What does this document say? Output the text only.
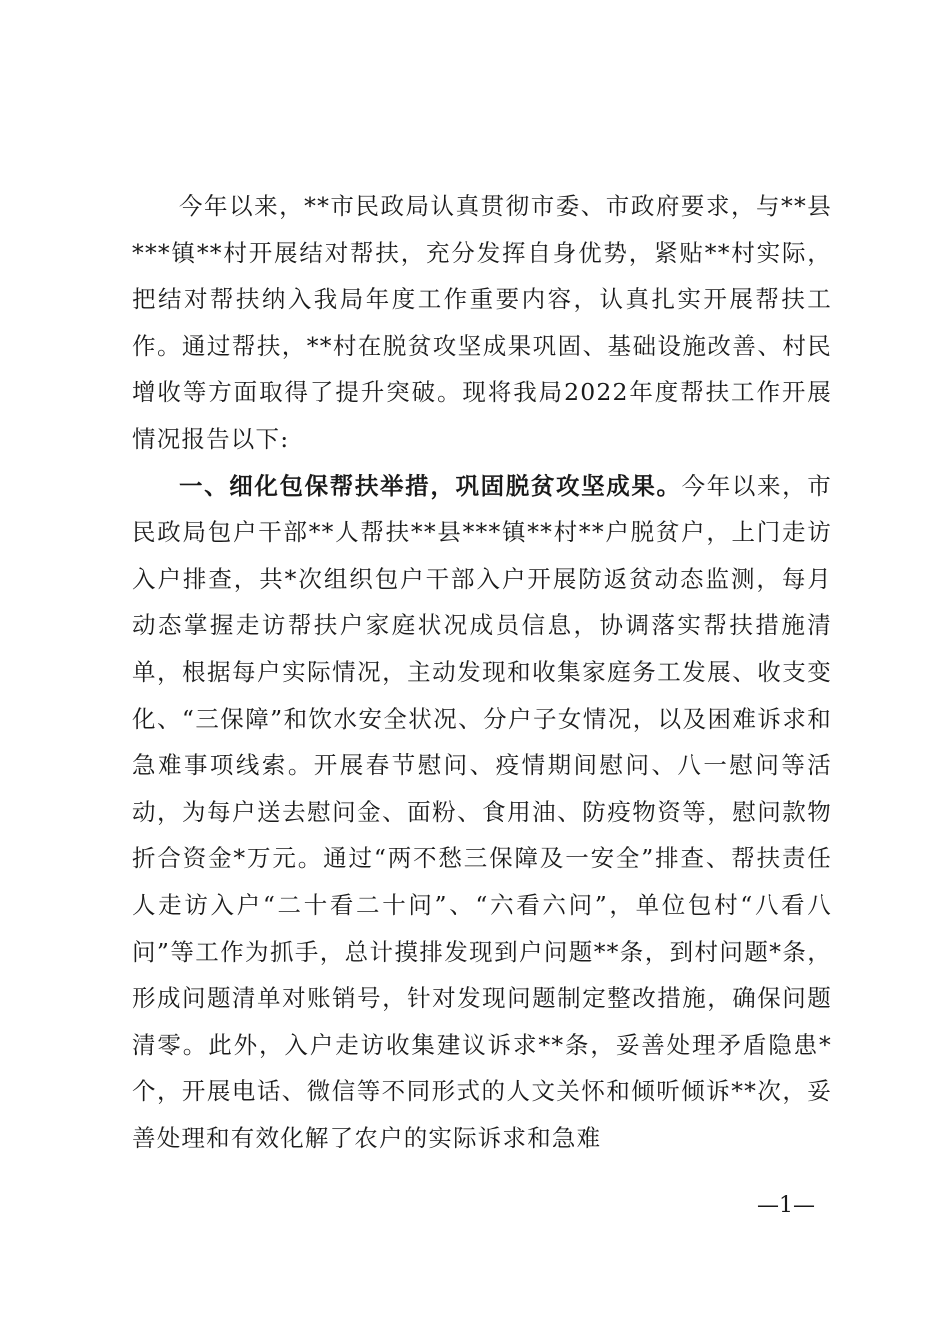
今年以来，**市民政局认真贯彻市委、市政府要求，与**县***镇**村开展结对帮扶，充分发挥自身优势，紧贴**村实际，把结对帮扶纳入我局年度工作重要内容，认真扎实开展帮扶工作。通过帮扶，**村在脱贫攻坚成果巩固、基础设施改善、村民增收等方面取得了提升突破。现将我局2022年度帮扶工作开展情况报告以下:

一、细化包保帮扶举措，巩固脱贫攻坚成果。今年以来，市民政局包户干部**人帮扶**县***镇**村**户脱贫户，上门走访入户排查，共*次组织包户干部入户开展防返贫动态监测，每月动态掌握走访帮扶户家庭状况成员信息，协调落实帮扶措施清单，根据每户实际情况，主动发现和收集家庭务工发展、收支变化、“三保障”和饮水安全状况、分户子女情况，以及困难诉求和急难事项线索。开展春节慰问、疫情期间慰问、八一慰问等活动，为每户送去慰问金、面粉、食用油、防疫物资等，慰问款物折合资金*万元。通过“两不愁三保障及一安全”排查、帮扶责任人走访入户“二十看二十问”、“六看六问”，单位包村“八看八问”等工作为抓手，总计摸排发现到户问题**条，到村问题*条，形成问题清单对账销号，针对发现问题制定整改措施，确保问题清零。此外，入户走访收集建议诉求**条，妥善处理矛盾隐患*个，开展电话、微信等不同形式的人文关怀和倾听倾诉**次，妥善处理和有效化解了农户的实际诉求和急难

—1—
